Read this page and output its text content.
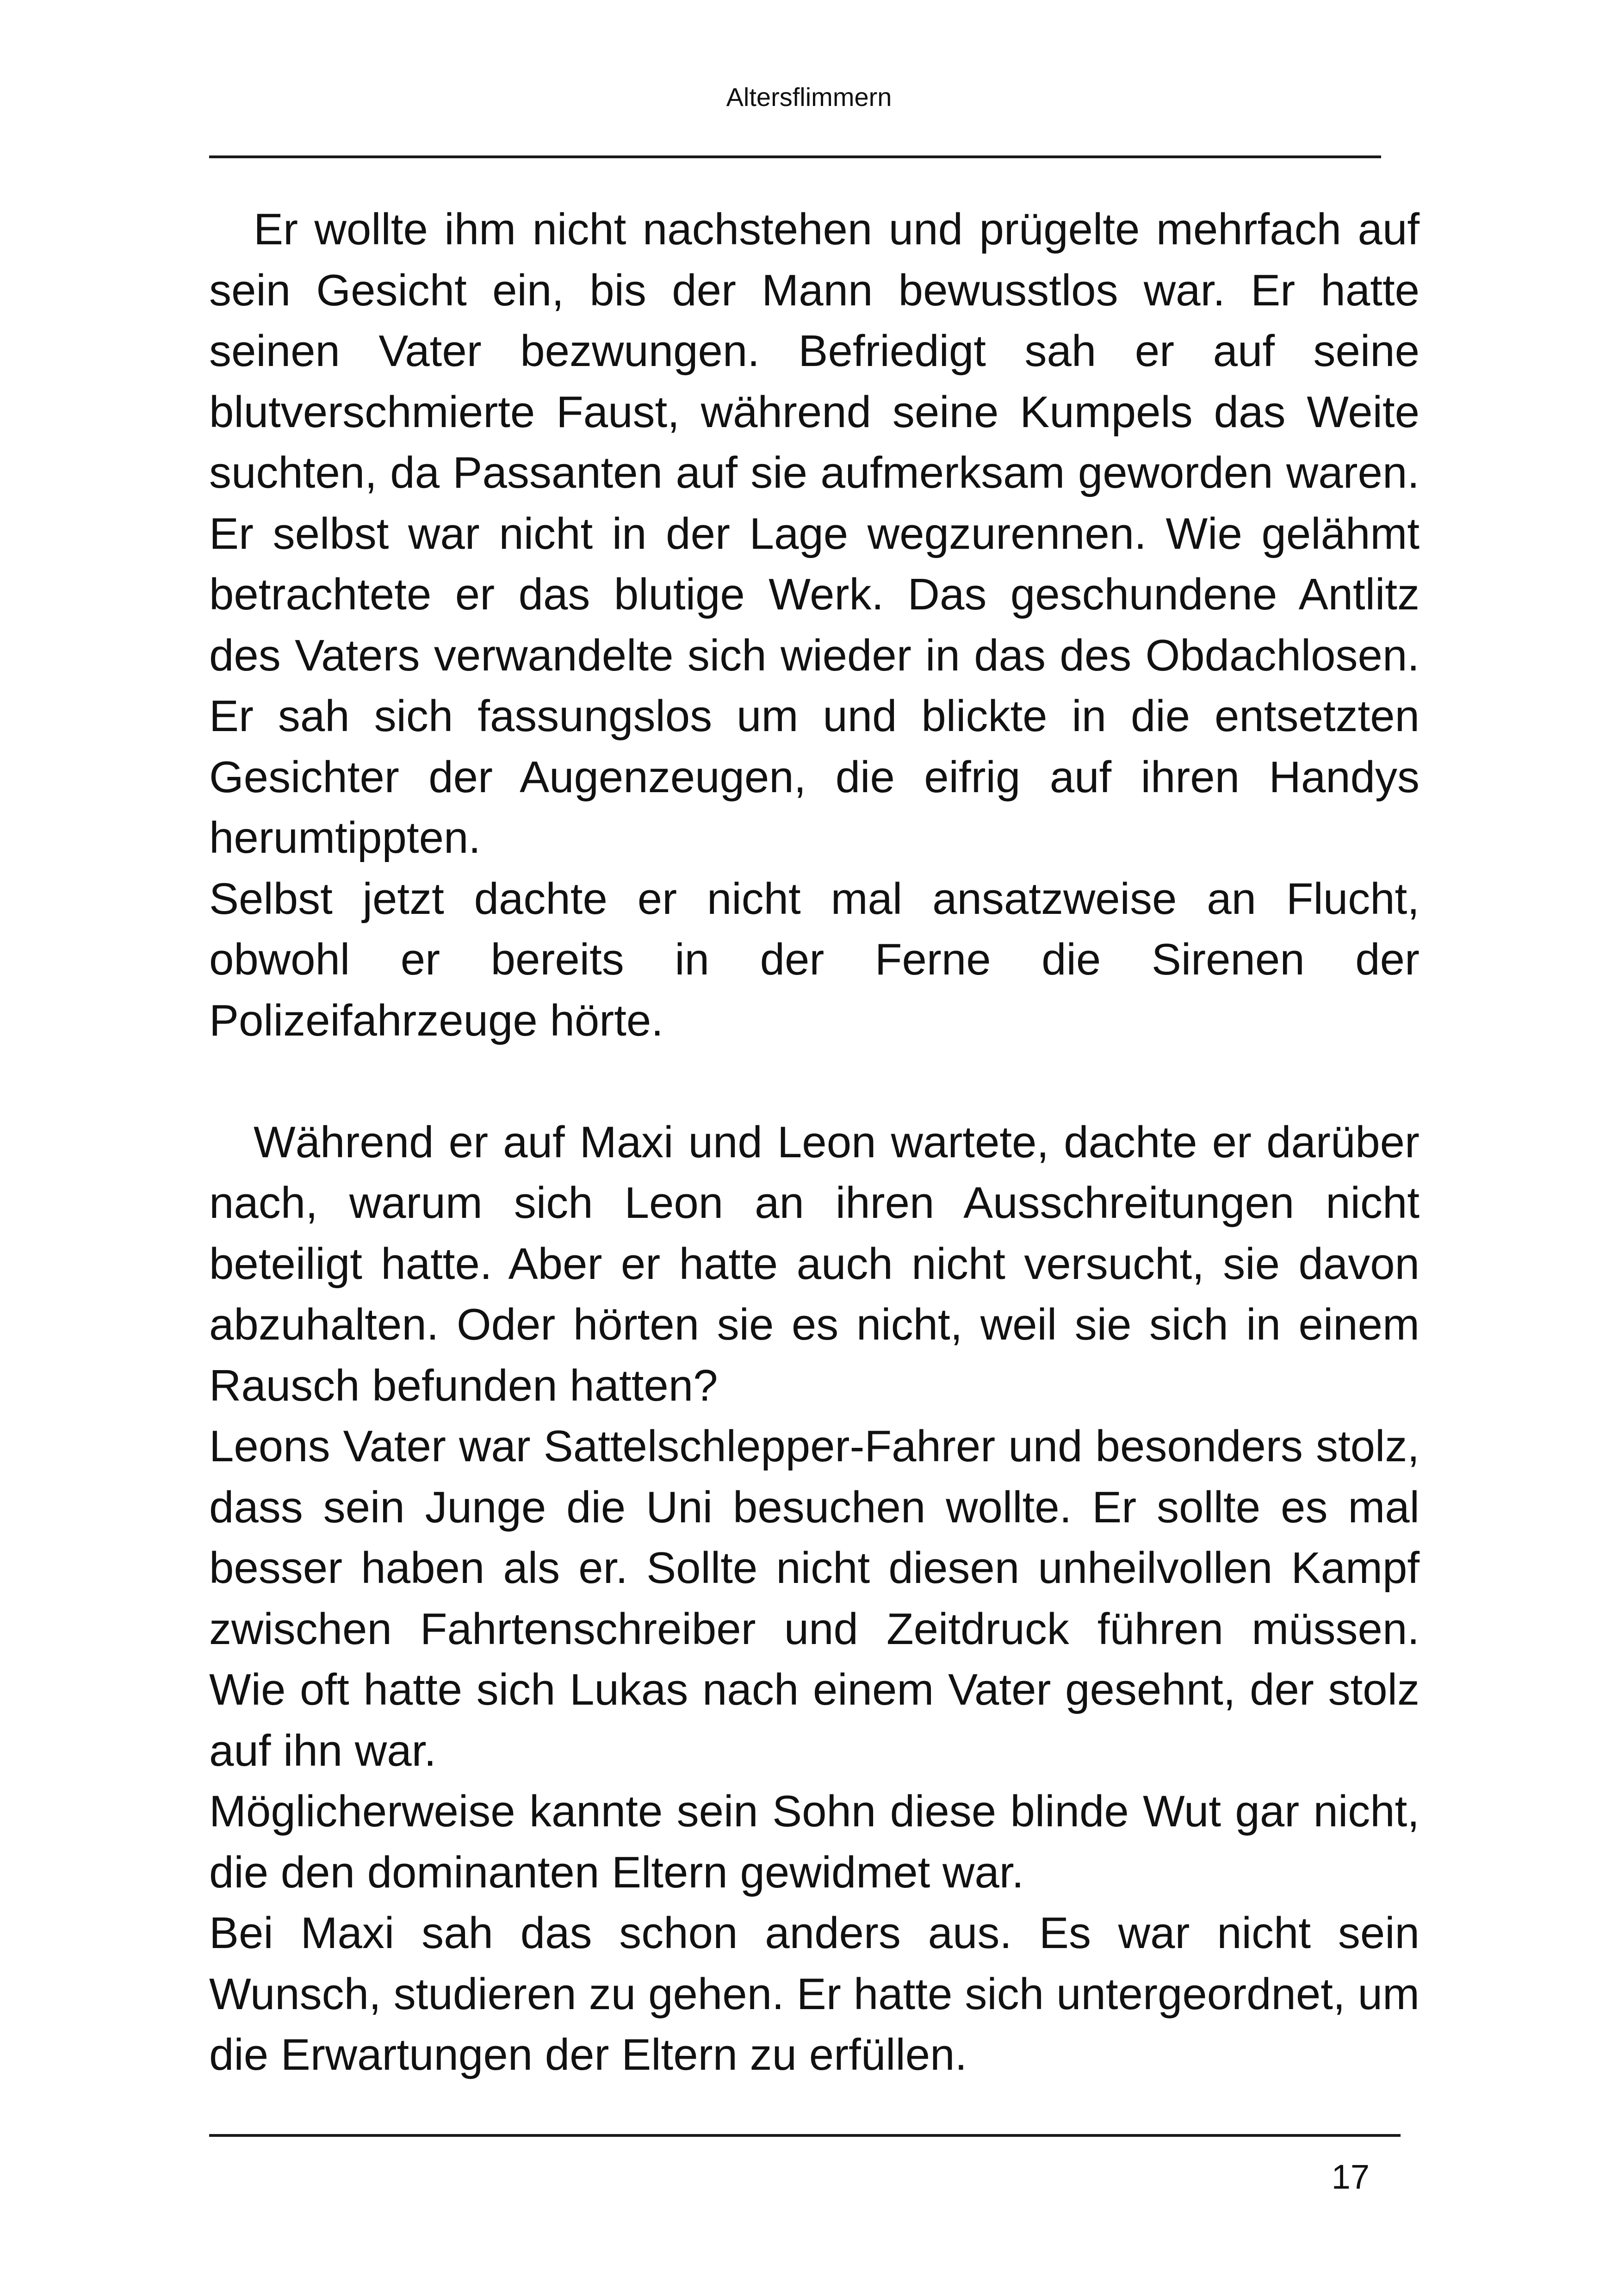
Altersflimmern

Er wollte ihm nicht nachstehen und prügelte mehrfach auf sein Gesicht ein, bis der Mann bewusstlos war. Er hatte seinen Vater bezwungen. Befriedigt sah er auf seine blutverschmierte Faust, während seine Kumpels das Weite suchten, da Passanten auf sie aufmerksam geworden waren. Er selbst war nicht in der Lage wegzurennen. Wie gelähmt betrachtete er das blutige Werk. Das geschundene Antlitz des Vaters verwandelte sich wieder in das des Obdachlosen. Er sah sich fassungslos um und blickte in die entsetzten Gesichter der Augenzeugen, die eifrig auf ihren Handys herumtippten.

Selbst jetzt dachte er nicht mal ansatzweise an Flucht, obwohl er bereits in der Ferne die Sirenen der Polizeifahrzeuge hörte.

Während er auf Maxi und Leon wartete, dachte er darüber nach, warum sich Leon an ihren Ausschreitungen nicht beteiligt hatte. Aber er hatte auch nicht versucht, sie davon abzuhalten. Oder hörten sie es nicht, weil sie sich in einem Rausch befunden hatten?

Leons Vater war Sattelschlepper-Fahrer und besonders stolz, dass sein Junge die Uni besuchen wollte. Er sollte es mal besser haben als er. Sollte nicht diesen unheilvollen Kampf zwischen Fahrtenschreiber und Zeitdruck führen müssen. Wie oft hatte sich Lukas nach einem Vater gesehnt, der stolz auf ihn war.

Möglicherweise kannte sein Sohn diese blinde Wut gar nicht, die den dominanten Eltern gewidmet war.

Bei Maxi sah das schon anders aus. Es war nicht sein Wunsch, studieren zu gehen. Er hatte sich untergeordnet, um die Erwartungen der Eltern zu erfüllen.

17
